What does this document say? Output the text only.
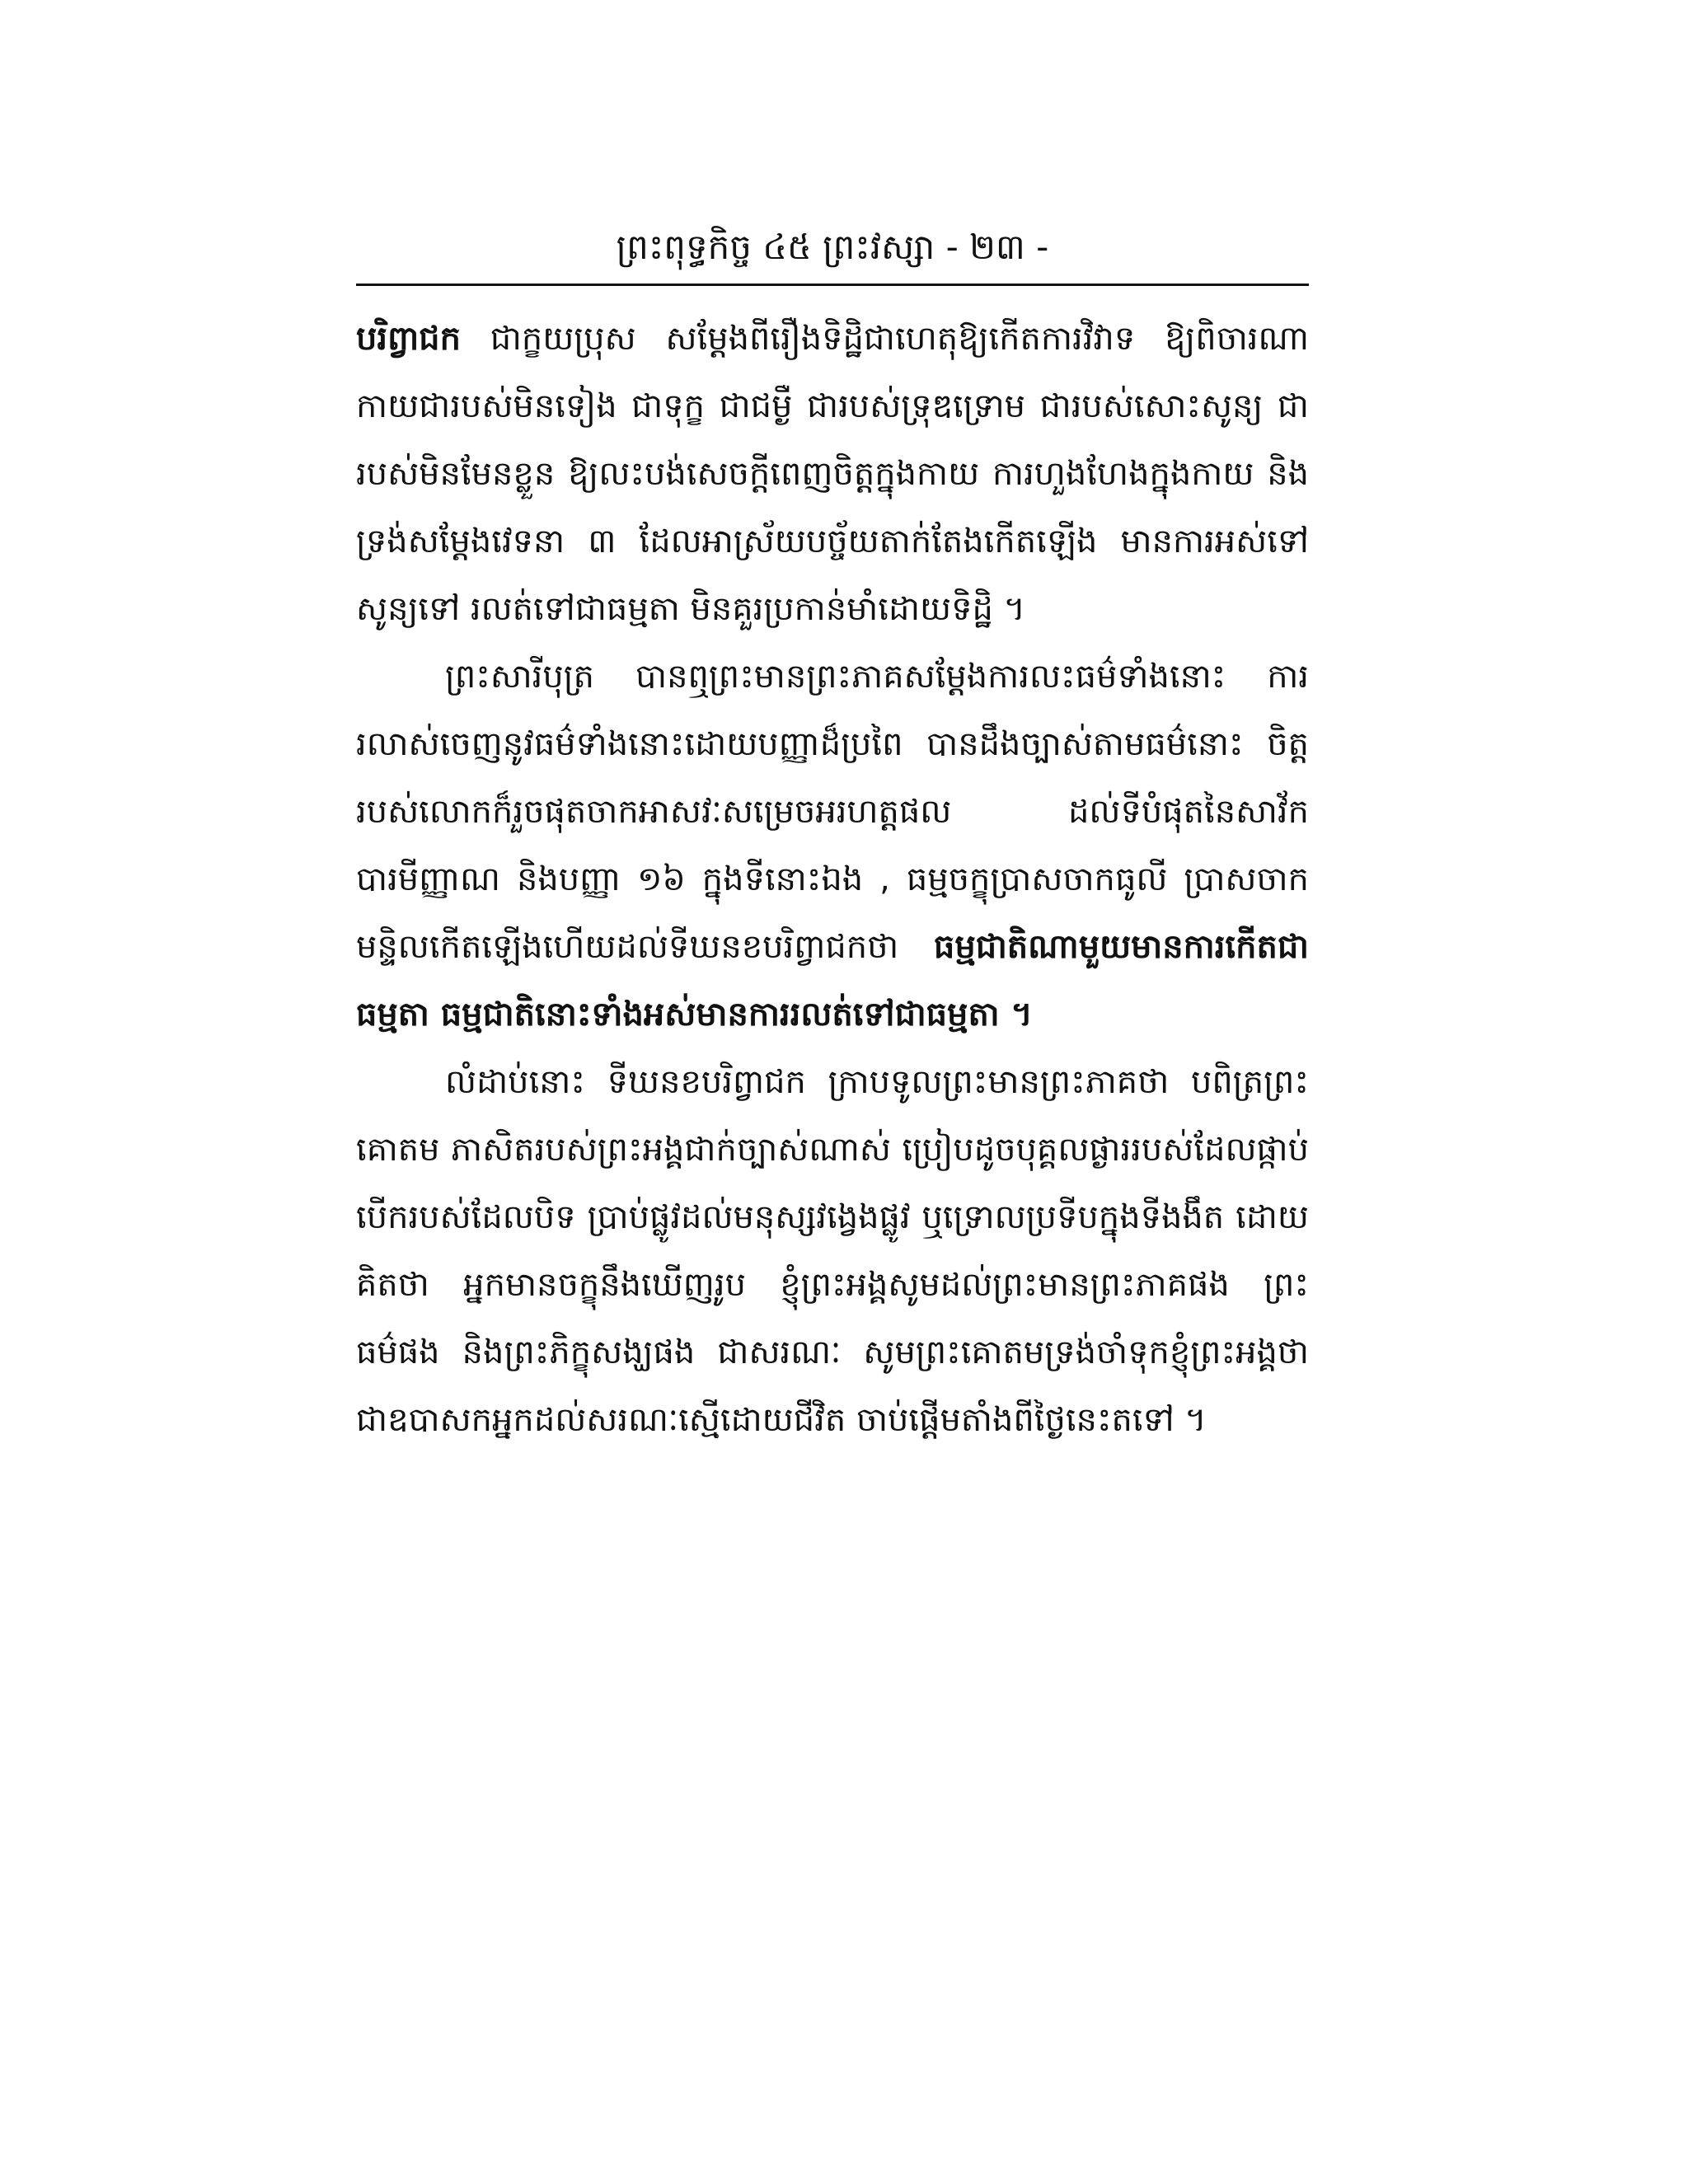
ព្រះពុទ្ធកិច្ច ៤៥ ព្រះវស្សា - ២៣ -

បរិព្វាជក ជាក្ខយប្រុស សម្តែងពីរឿងទិដ្ឋិជាហេតុឱ្យកើតការវិវាទ ឱ្យពិចារណាកាយជារបស់មិនទៀង ជាទុក្ខ ជាជម្ងឺ ជារបស់ទ្រុឌទ្រោម ជារបស់សោះសូន្យ ជារបស់មិនមែនខ្លួន ឱ្យលះបង់សេចក្តីពេញចិត្តក្នុងកាយ ការហួងហែងក្នុងកាយ និងទ្រង់សម្តែងវេទនា ៣ ដែលអាស្រ័យបច្ច័យតាក់តែងកើតឡើង មានការអស់ទៅ សូន្យទៅ រលត់ទៅជាធម្មតា មិនគួរប្រកាន់មាំដោយទិដ្ឋិ ។

ព្រះសារីបុត្រ បានឮព្រះមានព្រះភាគសម្តែងការលះធម៌ទាំងនោះ ការរលាស់ចេញនូវធម៌ទាំងនោះដោយបញ្ញាដ៏ប្រពៃ បានដឹងច្បាស់តាមធម៌នោះ ចិត្តរបស់លោកក៏រួចផុតចាកអាសវៈសម្រេចអរហត្តផល ដល់ទីបំផុតនៃសាវ័កបារមីញ្ញាណ និងបញ្ញា ១៦ ក្នុងទីនោះឯង , ធម្មចក្ខុប្រាសចាកធូលី ប្រាសចាកមន្ទិលកើតឡើងហើយដល់ទីឃនខបរិព្វាជកថា ធម្មជាតិណាមួយមានការកើតជាធម្មតា ធម្មជាតិនោះទាំងអស់មានការរលត់ទៅជាធម្មតា ។

លំដាប់នោះ ទីឃនខបរិព្វាជក ក្រាបទូលព្រះមានព្រះភាគថា បពិត្រព្រះគោតម ភាសិតរបស់ព្រះអង្គជាក់ច្បាស់ណាស់ ប្រៀបដូចបុគ្គលផ្ងាររបស់ដែលផ្កាប់ បើករបស់ដែលបិទ ប្រាប់ផ្លូវដល់មនុស្សវង្វេងផ្លូវ ឬទ្រោលប្រទីបក្នុងទីងងឹត ដោយគិតថា អ្នកមានចក្ខុនឹងឃើញរូប ខ្ញុំព្រះអង្គសូមដល់ព្រះមានព្រះភាគផង ព្រះធម៌ផង និងព្រះភិក្ខុសង្ឃផង ជាសរណៈ សូមព្រះគោតមទ្រង់ចាំទុកខ្ញុំព្រះអង្គថា ជាឧបាសកអ្នកដល់សរណៈស្មើដោយជីវិត ចាប់ផ្តើមតាំងពីថ្ងៃនេះតទៅ ។
